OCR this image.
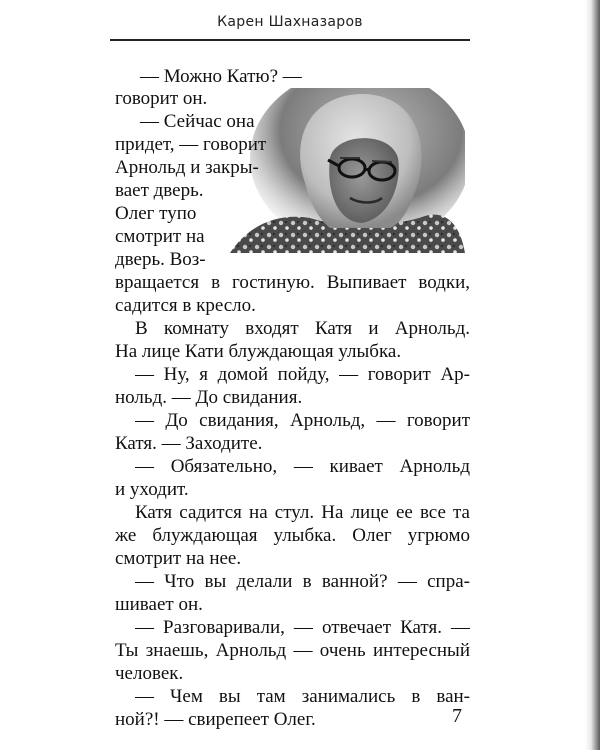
Карен Шахназаров
— Можно Катю? —
говорит он.
— Сейчас она
придет, — говорит
Арнольд и закры-
вает дверь.
Олег тупо
смотрит на
дверь. Воз-
вращается в гостиную. Выпивает водки,
садится в кресло.
В комнату входят Катя и Арнольд.
На лице Кати блуждающая улыбка.
— Ну, я домой пойду, — говорит Ар-
нольд. — До свидания.
— До свидания, Арнольд, — говорит
Катя. — Заходите.
— Обязательно, — кивает Арнольд
и уходит.
Катя садится на стул. На лице ее все та
же блуждающая улыбка. Олег угрюмо
смотрит на нее.
— Что вы делали в ванной? — спра-
шивает он.
— Разговаривали, — отвечает Катя. —
Ты знаешь, Арнольд — очень интересный
человек.
— Чем вы там занимались в ван-
ной?! — свирепеет Олег.	7
